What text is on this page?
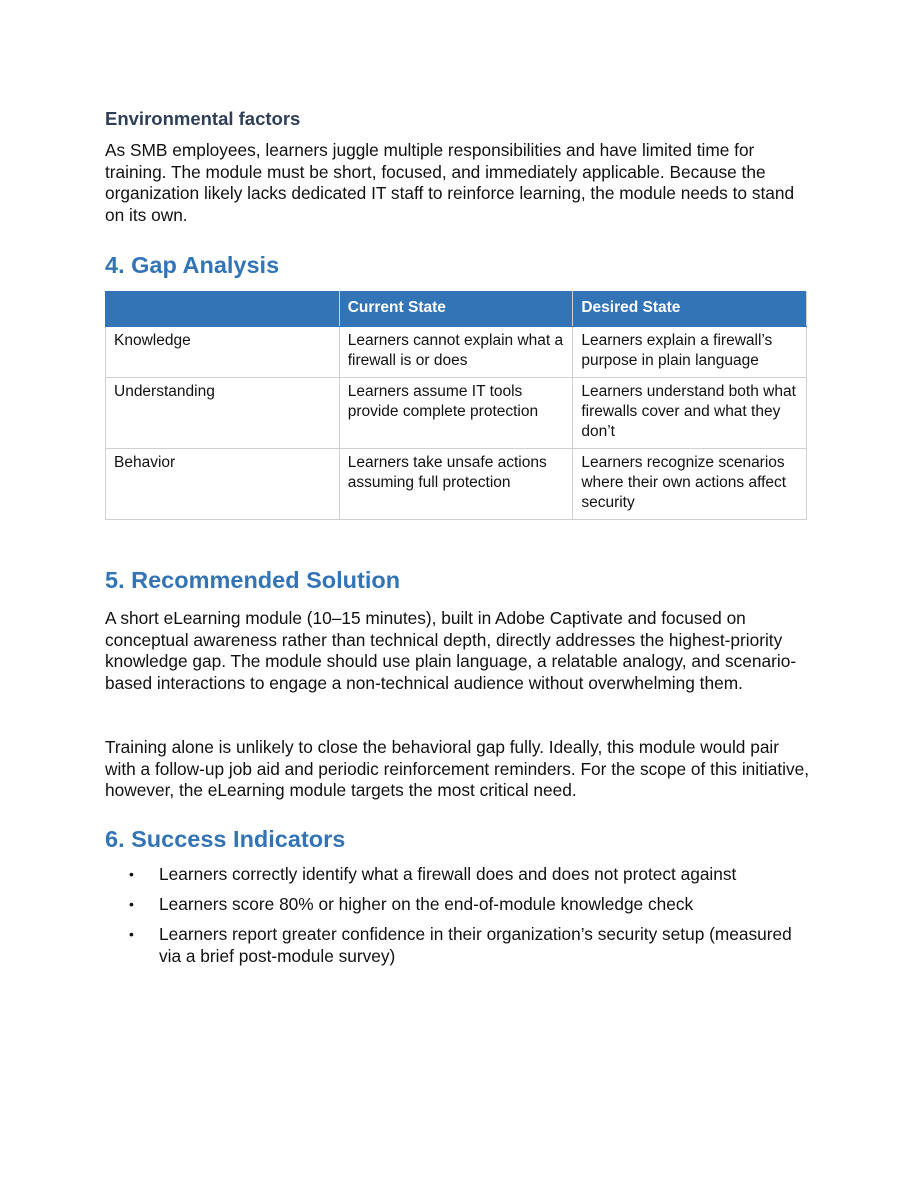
Environmental factors

As SMB employees, learners juggle multiple responsibilities and have limited time for training. The module must be short, focused, and immediately applicable. Because the organization likely lacks dedicated IT staff to reinforce learning, the module needs to stand on its own.

4. Gap Analysis
	Current State	Desired State
Knowledge	Learners cannot explain what a firewall is or does	Learners explain a firewall’s purpose in plain language
Understanding	Learners assume IT tools provide complete protection	Learners understand both what firewalls cover and what they don’t
Behavior	Learners take unsafe actions assuming full protection	Learners recognize scenarios where their own actions affect security
5. Recommended Solution

A short eLearning module (10–15 minutes), built in Adobe Captivate and focused on conceptual awareness rather than technical depth, directly addresses the highest-priority knowledge gap. The module should use plain language, a relatable analogy, and scenario-based interactions to engage a non-technical audience without overwhelming them.

Training alone is unlikely to close the behavioral gap fully. Ideally, this module would pair with a follow-up job aid and periodic reinforcement reminders. For the scope of this initiative, however, the eLearning module targets the most critical need.

6. Success Indicators
• Learners correctly identify what a firewall does and does not protect against
• Learners score 80% or higher on the end-of-module knowledge check
• Learners report greater confidence in their organization’s security setup (measured via a brief post-module survey)
